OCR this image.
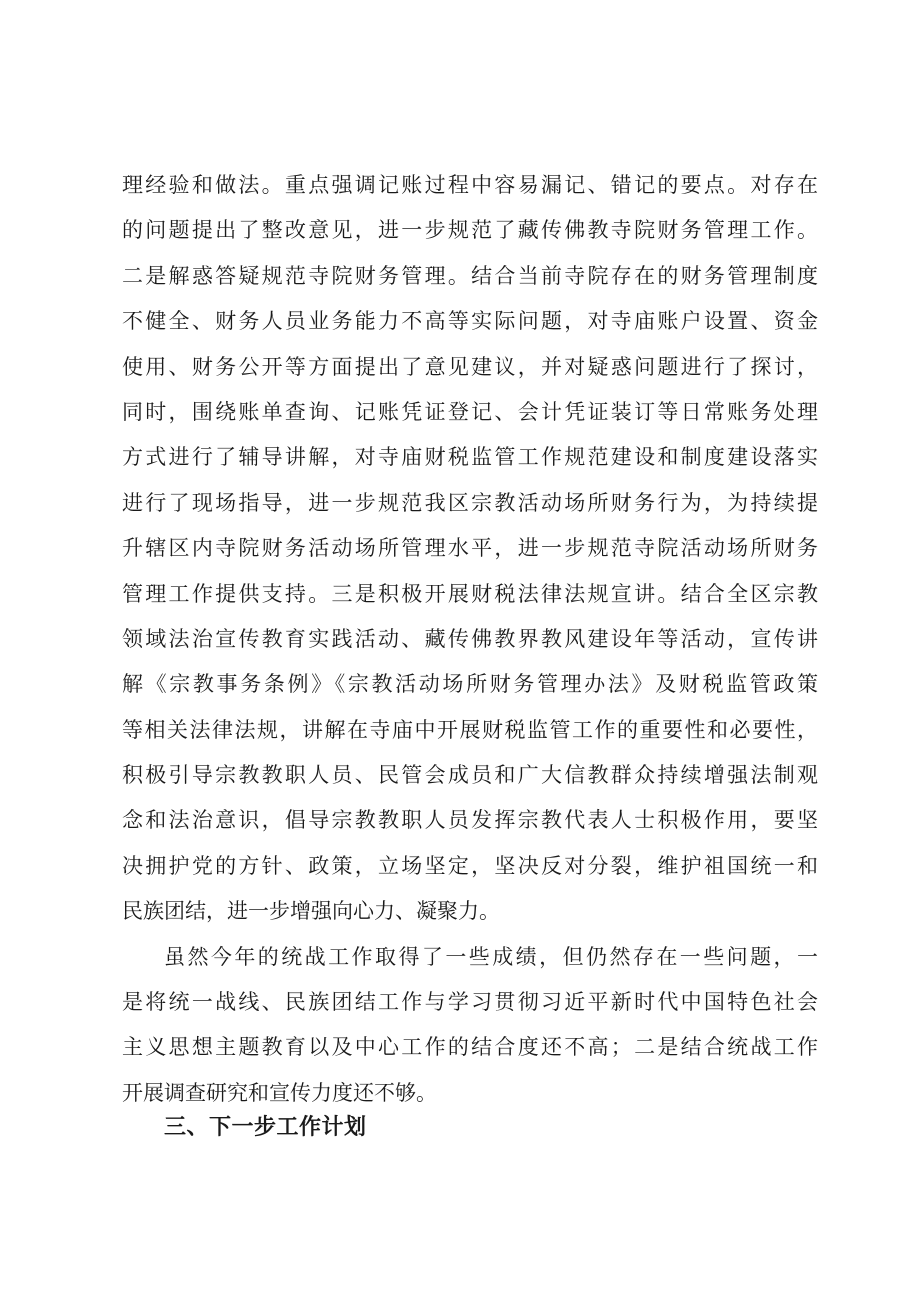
理经验和做法。重点强调记账过程中容易漏记、错记的要点。对存在
的问题提出了整改意见，进一步规范了藏传佛教寺院财务管理工作。
二是解惑答疑规范寺院财务管理。结合当前寺院存在的财务管理制度
不健全、财务人员业务能力不高等实际问题，对寺庙账户设置、资金
使用、财务公开等方面提出了意见建议，并对疑惑问题进行了探讨，
同时，围绕账单查询、记账凭证登记、会计凭证装订等日常账务处理
方式进行了辅导讲解，对寺庙财税监管工作规范建设和制度建设落实
进行了现场指导，进一步规范我区宗教活动场所财务行为，为持续提
升辖区内寺院财务活动场所管理水平，进一步规范寺院活动场所财务
管理工作提供支持。三是积极开展财税法律法规宣讲。结合全区宗教
领域法治宣传教育实践活动、藏传佛教界教风建设年等活动，宣传讲
解《宗教事务条例》《宗教活动场所财务管理办法》及财税监管政策
等相关法律法规，讲解在寺庙中开展财税监管工作的重要性和必要性，
积极引导宗教教职人员、民管会成员和广大信教群众持续增强法制观
念和法治意识，倡导宗教教职人员发挥宗教代表人士积极作用，要坚
决拥护党的方针、政策，立场坚定，坚决反对分裂，维护祖国统一和
民族团结，进一步增强向心力、凝聚力。
虽然今年的统战工作取得了一些成绩，但仍然存在一些问题，一
是将统一战线、民族团结工作与学习贯彻习近平新时代中国特色社会
主义思想主题教育以及中心工作的结合度还不高；二是结合统战工作
开展调查研究和宣传力度还不够。
三、下一步工作计划
